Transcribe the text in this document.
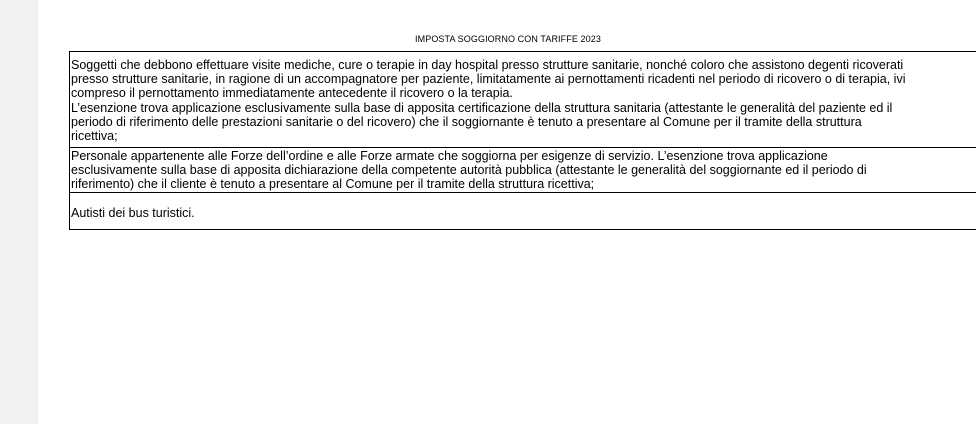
IMPOSTA SOGGIORNO CON TARIFFE 2023
Soggetti che debbono effettuare visite mediche, cure o terapie in day hospital presso strutture sanitarie, nonché coloro che assistono degenti ricoverati
presso strutture sanitarie, in ragione di un accompagnatore per paziente, limitatamente ai pernottamenti ricadenti nel periodo di ricovero o di terapia, ivi
compreso il pernottamento immediatamente antecedente il ricovero o la terapia.
L’esenzione trova applicazione esclusivamente sulla base di apposita certificazione della struttura sanitaria (attestante le generalità del paziente ed il
periodo di riferimento delle prestazioni sanitarie o del ricovero) che il soggiornante è tenuto a presentare al Comune per il tramite della struttura
ricettiva;
Personale appartenente alle Forze dell’ordine e alle Forze armate che soggiorna per esigenze di servizio. L’esenzione trova applicazione
esclusivamente sulla base di apposita dichiarazione della competente autorità pubblica (attestante le generalità del soggiornante ed il periodo di
riferimento) che il cliente è tenuto a presentare al Comune per il tramite della struttura ricettiva;
Autisti dei bus turistici.
